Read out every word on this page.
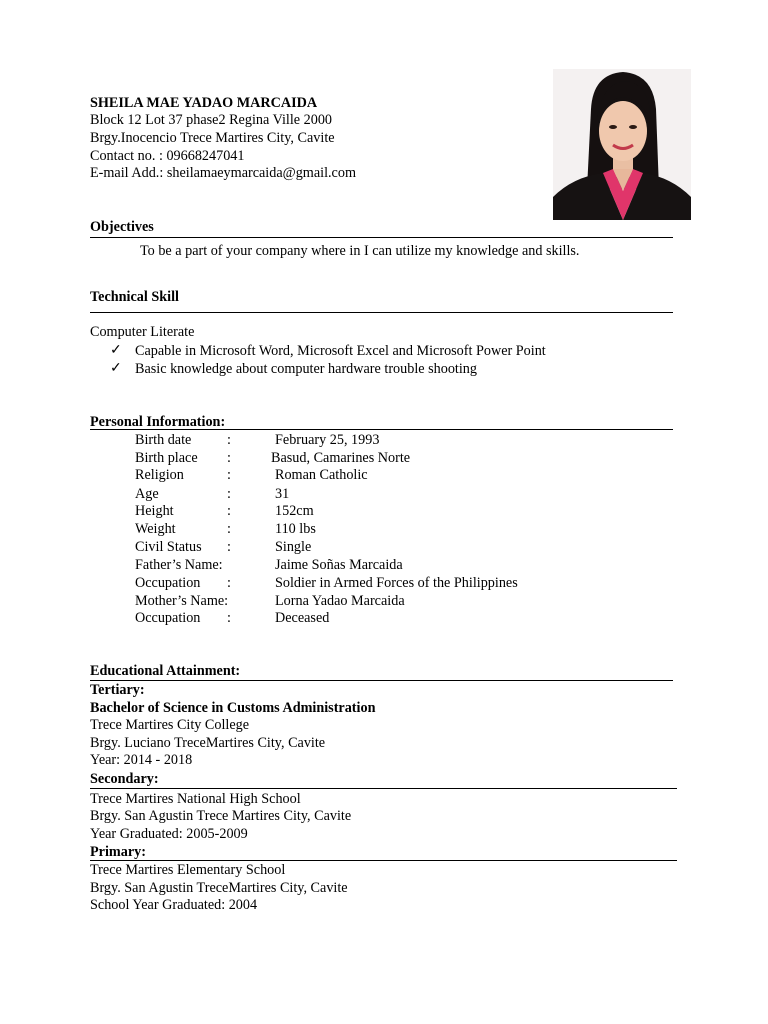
SHEILA MAE YADAO MARCAIDA
Block 12 Lot 37 phase2 Regina Ville 2000
Brgy.Inocencio Trece Martires City, Cavite
Contact no. : 09668247041
E-mail Add.: sheilamaeymarcaida@gmail.com
Objectives
To be a part of your company where in I can utilize my knowledge and skills.
Technical Skill
Computer Literate
✓ Capable in Microsoft Word, Microsoft Excel and Microsoft Power Point
✓ Basic knowledge about computer hardware trouble shooting
Personal Information:
Birth date	:	February 25, 1993
Birth place :	Basud, Camarines Norte
Religion	:	Roman Catholic
Age	:	31
Height	:	152cm
Weight	:	110 lbs
Civil Status :	Single
Father’s Name:	Jaime Soñas Marcaida
Occupation :	Soldier in Armed Forces of the Philippines
Mother’s Name:	Lorna Yadao Marcaida
Occupation :	Deceased
Educational Attainment:
Tertiary:
Bachelor of Science in Customs Administration
Trece Martires City College
Brgy. Luciano TreceMartires City, Cavite
Year: 2014 - 2018
Secondary:
Trece Martires National High School
Brgy. San Agustin Trece Martires City, Cavite
Year Graduated: 2005-2009
Primary:
Trece Martires Elementary School
Brgy. San Agustin TreceMartires City, Cavite
School Year Graduated: 2004
